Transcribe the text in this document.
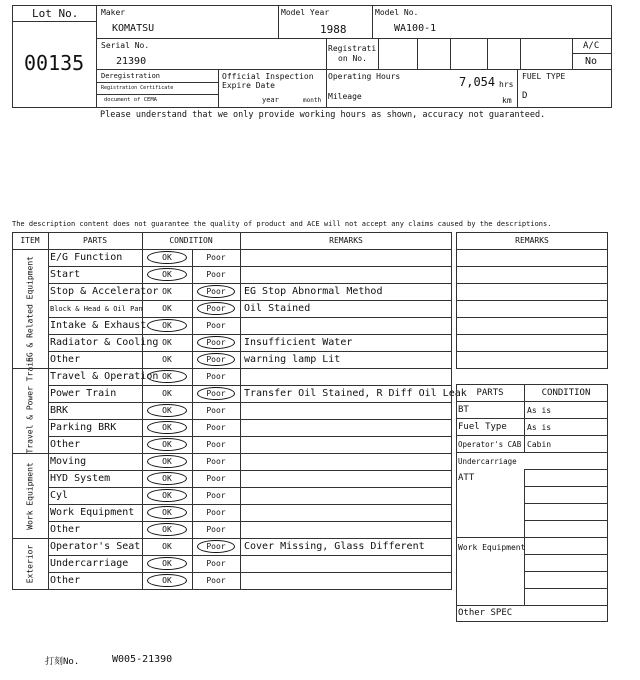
Lot No.
00135
Maker
KOMATSU
Model Year
1988
Model No.
WA100-1
Serial No.
21390
Registrati
on No.
A/C
No
Deregistration
Registration Certificate
document of CEMA
Official Inspection
Expire Date
year	month
Operating Hours	7,054 hrs
Mileage	km
FUEL TYPE
D
Please understand that we only provide working hours as shown, accuracy not guaranteed.
The description content does not guarantee the quality of product and ACE will not accept any claims caused by the descriptions.
ITEM	PARTS	CONDITION	REMARKS
EG & Related Equipment E/G Function	OK	Poor
Start	OK	Poor
Stop & Accelerator OK	Poor	EG Stop Abnormal Method
Block & Head & Oil Pan	OK	Poor	Oil Stained
Intake & Exhaust	OK	Poor
Radiator & Cooling OK	Poor	Insufficient Water
Other	OK	Poor	warning lamp Lit
Travel & Power Train Travel & Operation OK	Poor
Power Train	OK	Poor	Transfer Oil Stained, R Diff Oil Leak
BRK	OK	Poor
Parking BRK	OK	Poor
Other	OK	Poor
Work Equipment
Moving	OK	Poor
HYD System	OK	Poor
Cyl	OK	Poor
Work Equipment	OK	Poor
Other	OK	Poor
Exterior Operator's Seat	OK	Poor	Cover Missing, Glass Different
Undercarriage	OK	Poor
Other	OK	Poor
REMARKS
PARTS	CONDITION
BT	As is
Fuel Type	As is
Operator's CAB Cabin
Undercarriage
ATT
Work Equipment
Other SPEC
打刻No.	W005-21390
